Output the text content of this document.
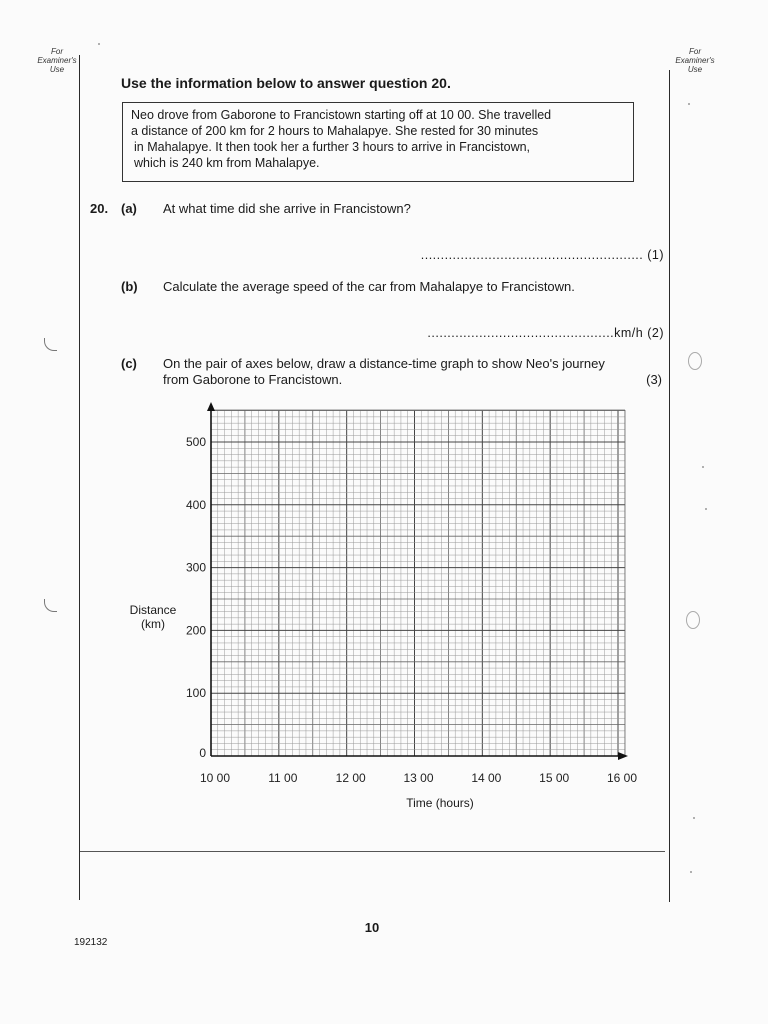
For
Examiner's
Use
For
Examiner's
Use
Use the information below to answer question 20.
Neo drove from Gaborone to Francistown starting off at 10 00. She travelled
a distance of 200 km for 2 hours to Mahalapye. She rested for 30 minutes
in Mahalapye. It then took her a further 3 hours to arrive in Francistown,
which is 240 km from Mahalapye.
20. (a) At what time did she arrive in Francistown?
........................................................ (1)
(b) Calculate the average speed of the car from Mahalapye to Francistown.
...............................................km/h (2)
(c) On the pair of axes below, draw a distance-time graph to show Neo's journey
from Gaborone to Francistown.	(3)
0
100
200
300
400
500
10 00	11 00	12 00	13 00	14 00	15 00	16 00
Distance
(km)
Time (hours)
10
192132
